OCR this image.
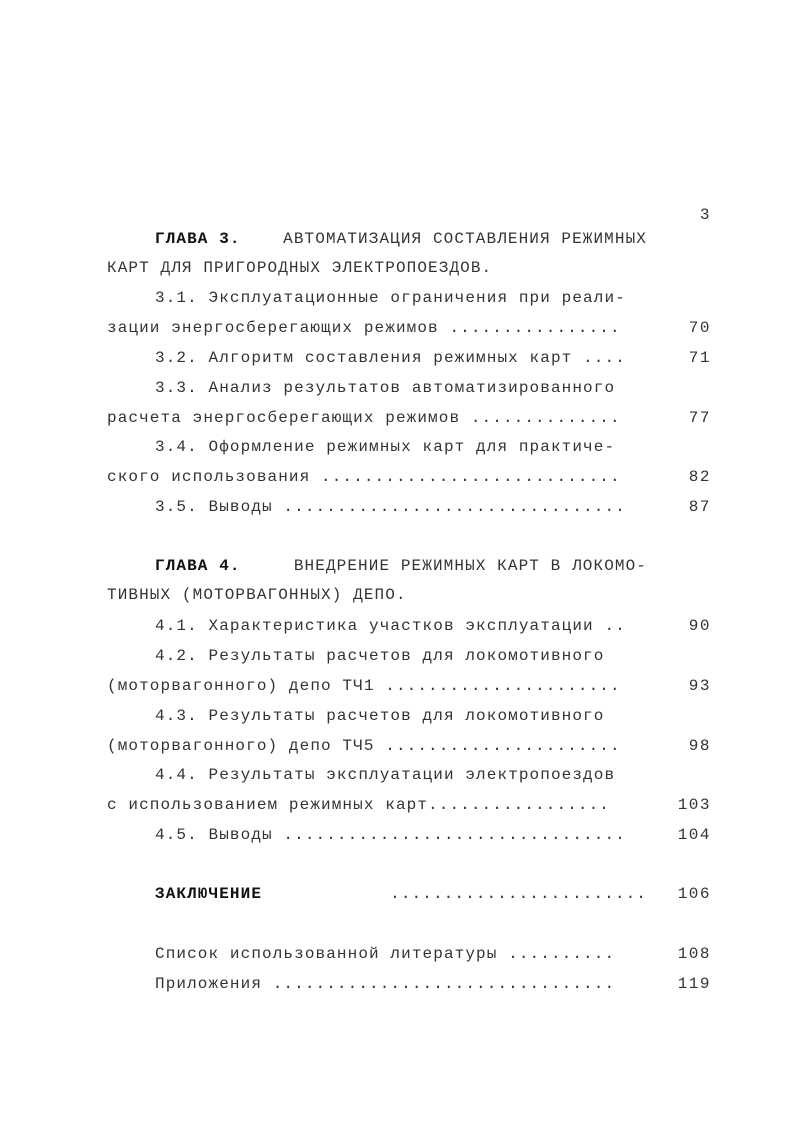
3
ГЛАВА 3.	АВТОМАТИЗАЦИЯ СОСТАВЛЕНИЯ РЕЖИМНЫХ
КАРТ ДЛЯ ПРИГОРОДНЫХ ЭЛЕКТРОПОЕЗДОВ.
ГЛАВА 4.	ВНЕДРЕНИЕ РЕЖИМНЫХ КАРТ В ЛОКОМО-
ТИВНЫХ (МОТОРВАГОННЫХ) ДЕПО.
3.1. Эксплуатационные ограничения при реали-
зации энергосберегающих режимов ................	70
3.2. Алгоритм составления режимных карт ....	71
3.3. Анализ результатов автоматизированного
расчета энергосберегающих режимов ..............	77
3.4. Оформление режимных карт для практиче-
ского использования ............................	82
3.5. Выводы ................................	87
4.1. Характеристика участков эксплуатации ..	90
4.2. Результаты расчетов для локомотивного
(моторвагонного) депо ТЧ1 ......................	93
4.3. Результаты расчетов для локомотивного
(моторвагонного) депо ТЧ5 ......................	98
4.4. Результаты эксплуатации электропоездов
с использованием режимных карт.................	103
4.5. Выводы ................................	104
ЗАКЛЮЧЕНИЕ	........................ 106
Список использованной литературы ..........	108
Приложения ................................	119
